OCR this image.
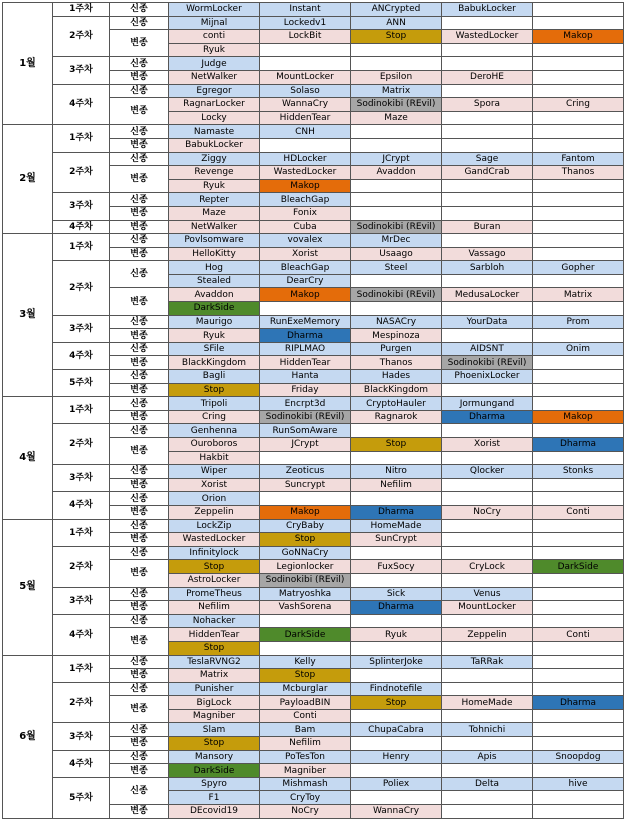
1월	1주차	신종	WormLocker	Instant	ANCrypted	BabukLocker	
	2주차	신종	Mijnal	Lockedv1	ANN		
		변종	conti	LockBit	Stop	WastedLocker	Makop
			Ryuk				
	3주차	신종	Judge				
		변종	NetWalker	MountLocker	Epsilon	DeroHE	
	4주차	신종	Egregor	Solaso	Matrix		
		변종	RagnarLocker	WannaCry	Sodinokibi (REvil)	Spora	Cring
			Locky	HiddenTear	Maze		
2월	1주차	신종	Namaste	CNH			
		변종	BabukLocker				
	2주차	신종	Ziggy	HDLocker	JCrypt	Sage	Fantom
		변종	Revenge	WastedLocker	Avaddon	GandCrab	Thanos
			Ryuk	Makop			
	3주차	신종	Repter	BleachGap			
		변종	Maze	Fonix			
	4주차	변종	NetWalker	Cuba	Sodinokibi (REvil)	Buran	
3월	1주차	신종	Povlsomware	vovalex	MrDec		
		변종	HelloKitty	Xorist	Usaago	Vassago	
	2주차	신종	Hog	BleachGap	Steel	Sarbloh	Gopher
			Stealed	DearCry			
		변종	Avaddon	Makop	Sodinokibi (REvil)	MedusaLocker	Matrix
			DarkSide				
	3주차	신종	Maurigo	RunExeMemory	NASACry	YourData	Prom
		변종	Ryuk	Dharma	Mespinoza		
	4주차	신종	SFile	RIPLMAO	Purgen	AIDSNT	Onim
		변종	BlackKingdom	HiddenTear	Thanos	Sodinokibi (REvil)	
	5주차	신종	Bagli	Hanta	Hades	PhoenixLocker	
		변종	Stop	Friday	BlackKingdom		
4월	1주차	신종	Tripoli	Encrpt3d	CryptoHauler	Jormungand	
		변종	Cring	Sodinokibi (REvil)	Ragnarok	Dharma	Makop
	2주차	신종	Genhenna	RunSomAware			
		변종	Ouroboros	JCrypt	Stop	Xorist	Dharma
			Hakbit				
	3주차	신종	Wiper	Zeoticus	Nitro	Qlocker	Stonks
		변종	Xorist	Suncrypt	Nefilim		
	4주차	신종	Orion				
		변종	Zeppelin	Makop	Dharma	NoCry	Conti
5월	1주차	신종	LockZip	CryBaby	HomeMade		
		변종	WastedLocker	Stop	SunCrypt		
	2주차	신종	Infinitylock	GoNNaCry			
		변종	Stop	Legionlocker	FuxSocy	CryLock	DarkSide
			AstroLocker	Sodinokibi (REvil)			
	3주차	신종	PromeTheus	Matryoshka	Sick	Venus	
		변종	Nefilim	VashSorena	Dharma	MountLocker	
	4주차	신종	Nohacker				
		변종	HiddenTear	DarkSide	Ryuk	Zeppelin	Conti
			Stop				
6월	1주차	신종	TeslaRVNG2	Kelly	SplinterJoke	TaRRak	
		변종	Matrix	Stop			
	2주차	신종	Punisher	Mcburglar	Findnotefile		
		변종	BigLock	PayloadBIN	Stop	HomeMade	Dharma
			Magniber	Conti			
	3주차	신종	Slam	Bam	ChupaCabra	Tohnichi	
		변종	Stop	Nefilim			
	4주차	신종	Mansory	PoTesTon	Henry	Apis	Snoopdog
		변종	DarkSide	Magniber			
	5주차	신종	Spyro	Mishmash	Poliex	Delta	hive
			F1	CryToy			
		변종	DEcovid19	NoCry	WannaCry		
